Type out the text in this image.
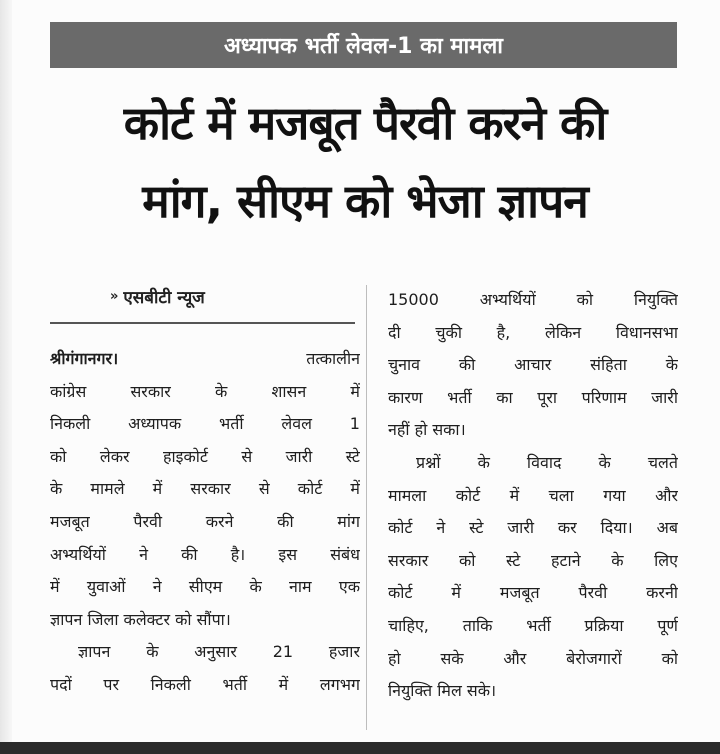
अध्यापक भर्ती लेवल-1 का मामला
कोर्ट में मजबूत पैरवी करने की
मांग, सीएम को भेजा ज्ञापन
» एसबीटी न्यूज
श्रीगंगानगर।	तत्कालीन
कांग्रेस सरकार के शासन में
निकली अध्यापक भर्ती लेवल 1
को लेकर हाइकोर्ट से जारी स्टे
के मामले में सरकार से कोर्ट में
मजबूत पैरवी करने की मांग
अभ्यर्थियों ने की है। इस संबंध
में युवाओं ने सीएम के नाम एक
ज्ञापन जिला कलेक्टर को सौंपा।
ज्ञापन के अनुसार 21 हजार
पदों पर निकली भर्ती में लगभग
15000 अभ्यर्थियों को नियुक्ति
दी चुकी है, लेकिन विधानसभा
चुनाव की आचार संहिता के
कारण भर्ती का पूरा परिणाम जारी
नहीं हो सका।
प्रश्नों के विवाद के चलते
मामला कोर्ट में चला गया और
कोर्ट ने स्टे जारी कर दिया। अब
सरकार को स्टे हटाने के लिए
कोर्ट में मजबूत पैरवी करनी
चाहिए, ताकि भर्ती प्रक्रिया पूर्ण
हो सके और बेरोजगारों को
नियुक्ति मिल सके।
